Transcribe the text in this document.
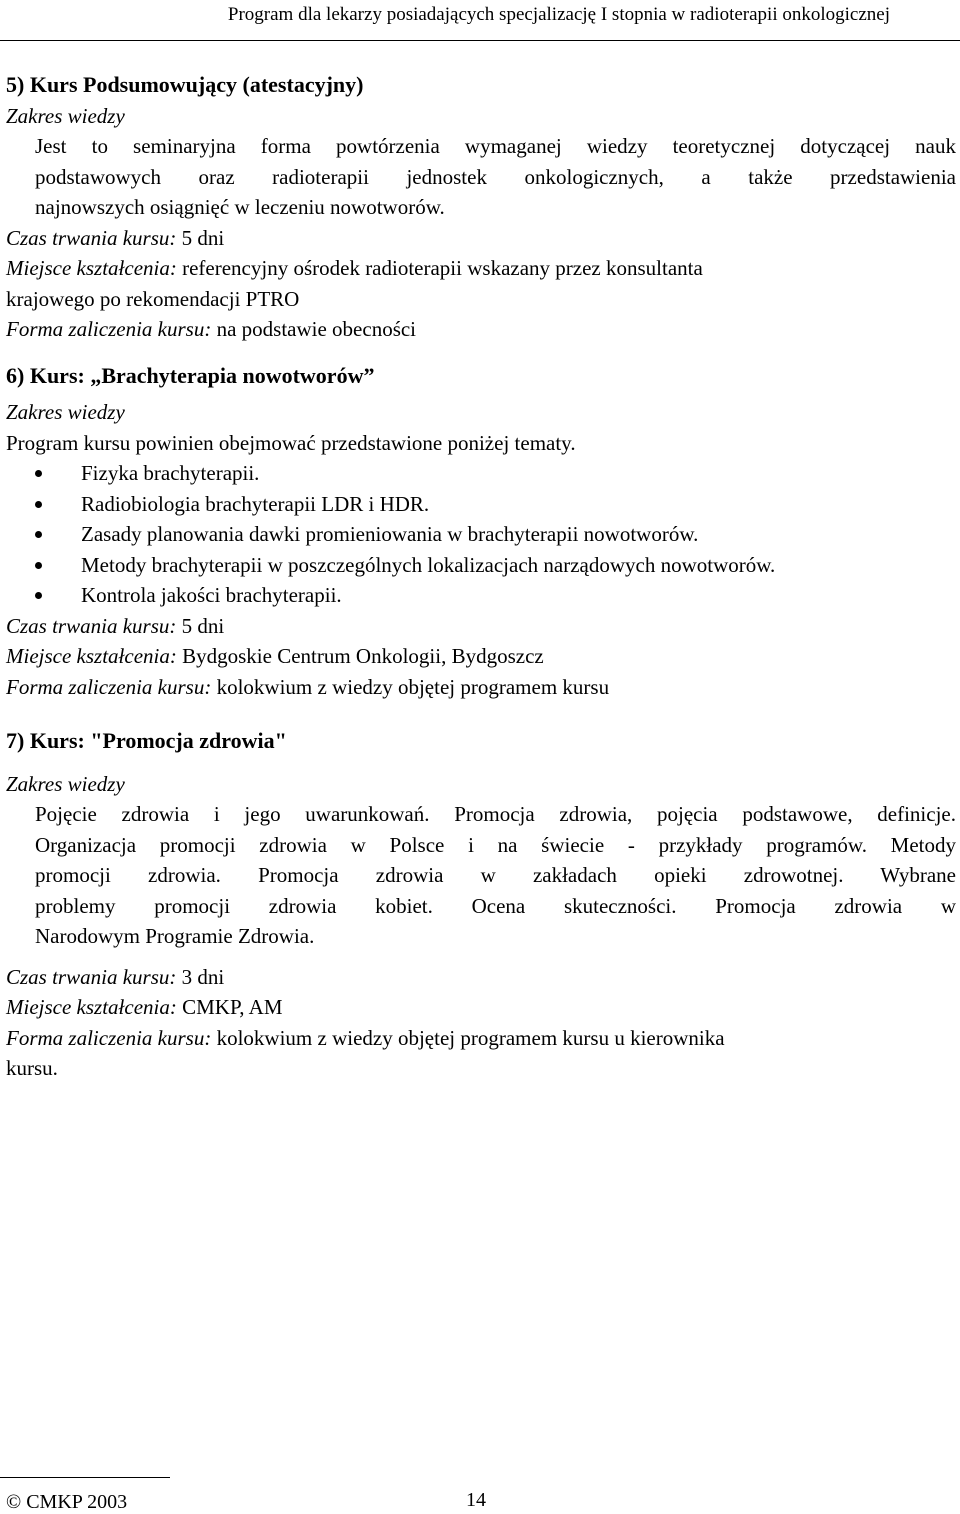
Program dla lekarzy posiadających specjalizację I stopnia w radioterapii onkologicznej
5) Kurs Podsumowujący (atestacyjny)
Zakres wiedzy
Jest to seminaryjna forma powtórzenia wymaganej wiedzy teoretycznej dotyczącej nauk
podstawowych oraz radioterapii jednostek onkologicznych, a także przedstawienia
najnowszych osiągnięć w leczeniu nowotworów.
Czas trwania kursu: 5 dni
Miejsce kształcenia: referencyjny ośrodek radioterapii wskazany przez konsultanta
krajowego po rekomendacji PTRO
Forma zaliczenia kursu: na podstawie obecności
6) Kurs: „Brachyterapia nowotworów”
Zakres wiedzy
Program kursu powinien obejmować przedstawione poniżej tematy.
Fizyka brachyterapii.
Radiobiologia brachyterapii LDR i HDR.
Zasady planowania dawki promieniowania w brachyterapii nowotworów.
Metody brachyterapii w poszczególnych lokalizacjach narządowych nowotworów.
Kontrola jakości brachyterapii.
Czas trwania kursu: 5 dni
Miejsce kształcenia: Bydgoskie Centrum Onkologii, Bydgoszcz
Forma zaliczenia kursu: kolokwium z wiedzy objętej programem kursu
7) Kurs: "Promocja zdrowia"
Zakres wiedzy
Pojęcie zdrowia i jego uwarunkowań. Promocja zdrowia, pojęcia podstawowe, definicje.
Organizacja promocji zdrowia w Polsce i na świecie - przykłady programów. Metody
promocji zdrowia. Promocja zdrowia w zakładach opieki zdrowotnej. Wybrane
problemy promocji zdrowia kobiet. Ocena skuteczności. Promocja zdrowia w
Narodowym Programie Zdrowia.
Czas trwania kursu: 3 dni
Miejsce kształcenia: CMKP, AM
Forma zaliczenia kursu: kolokwium z wiedzy objętej programem kursu u kierownika
kursu.
© CMKP 2003	14
